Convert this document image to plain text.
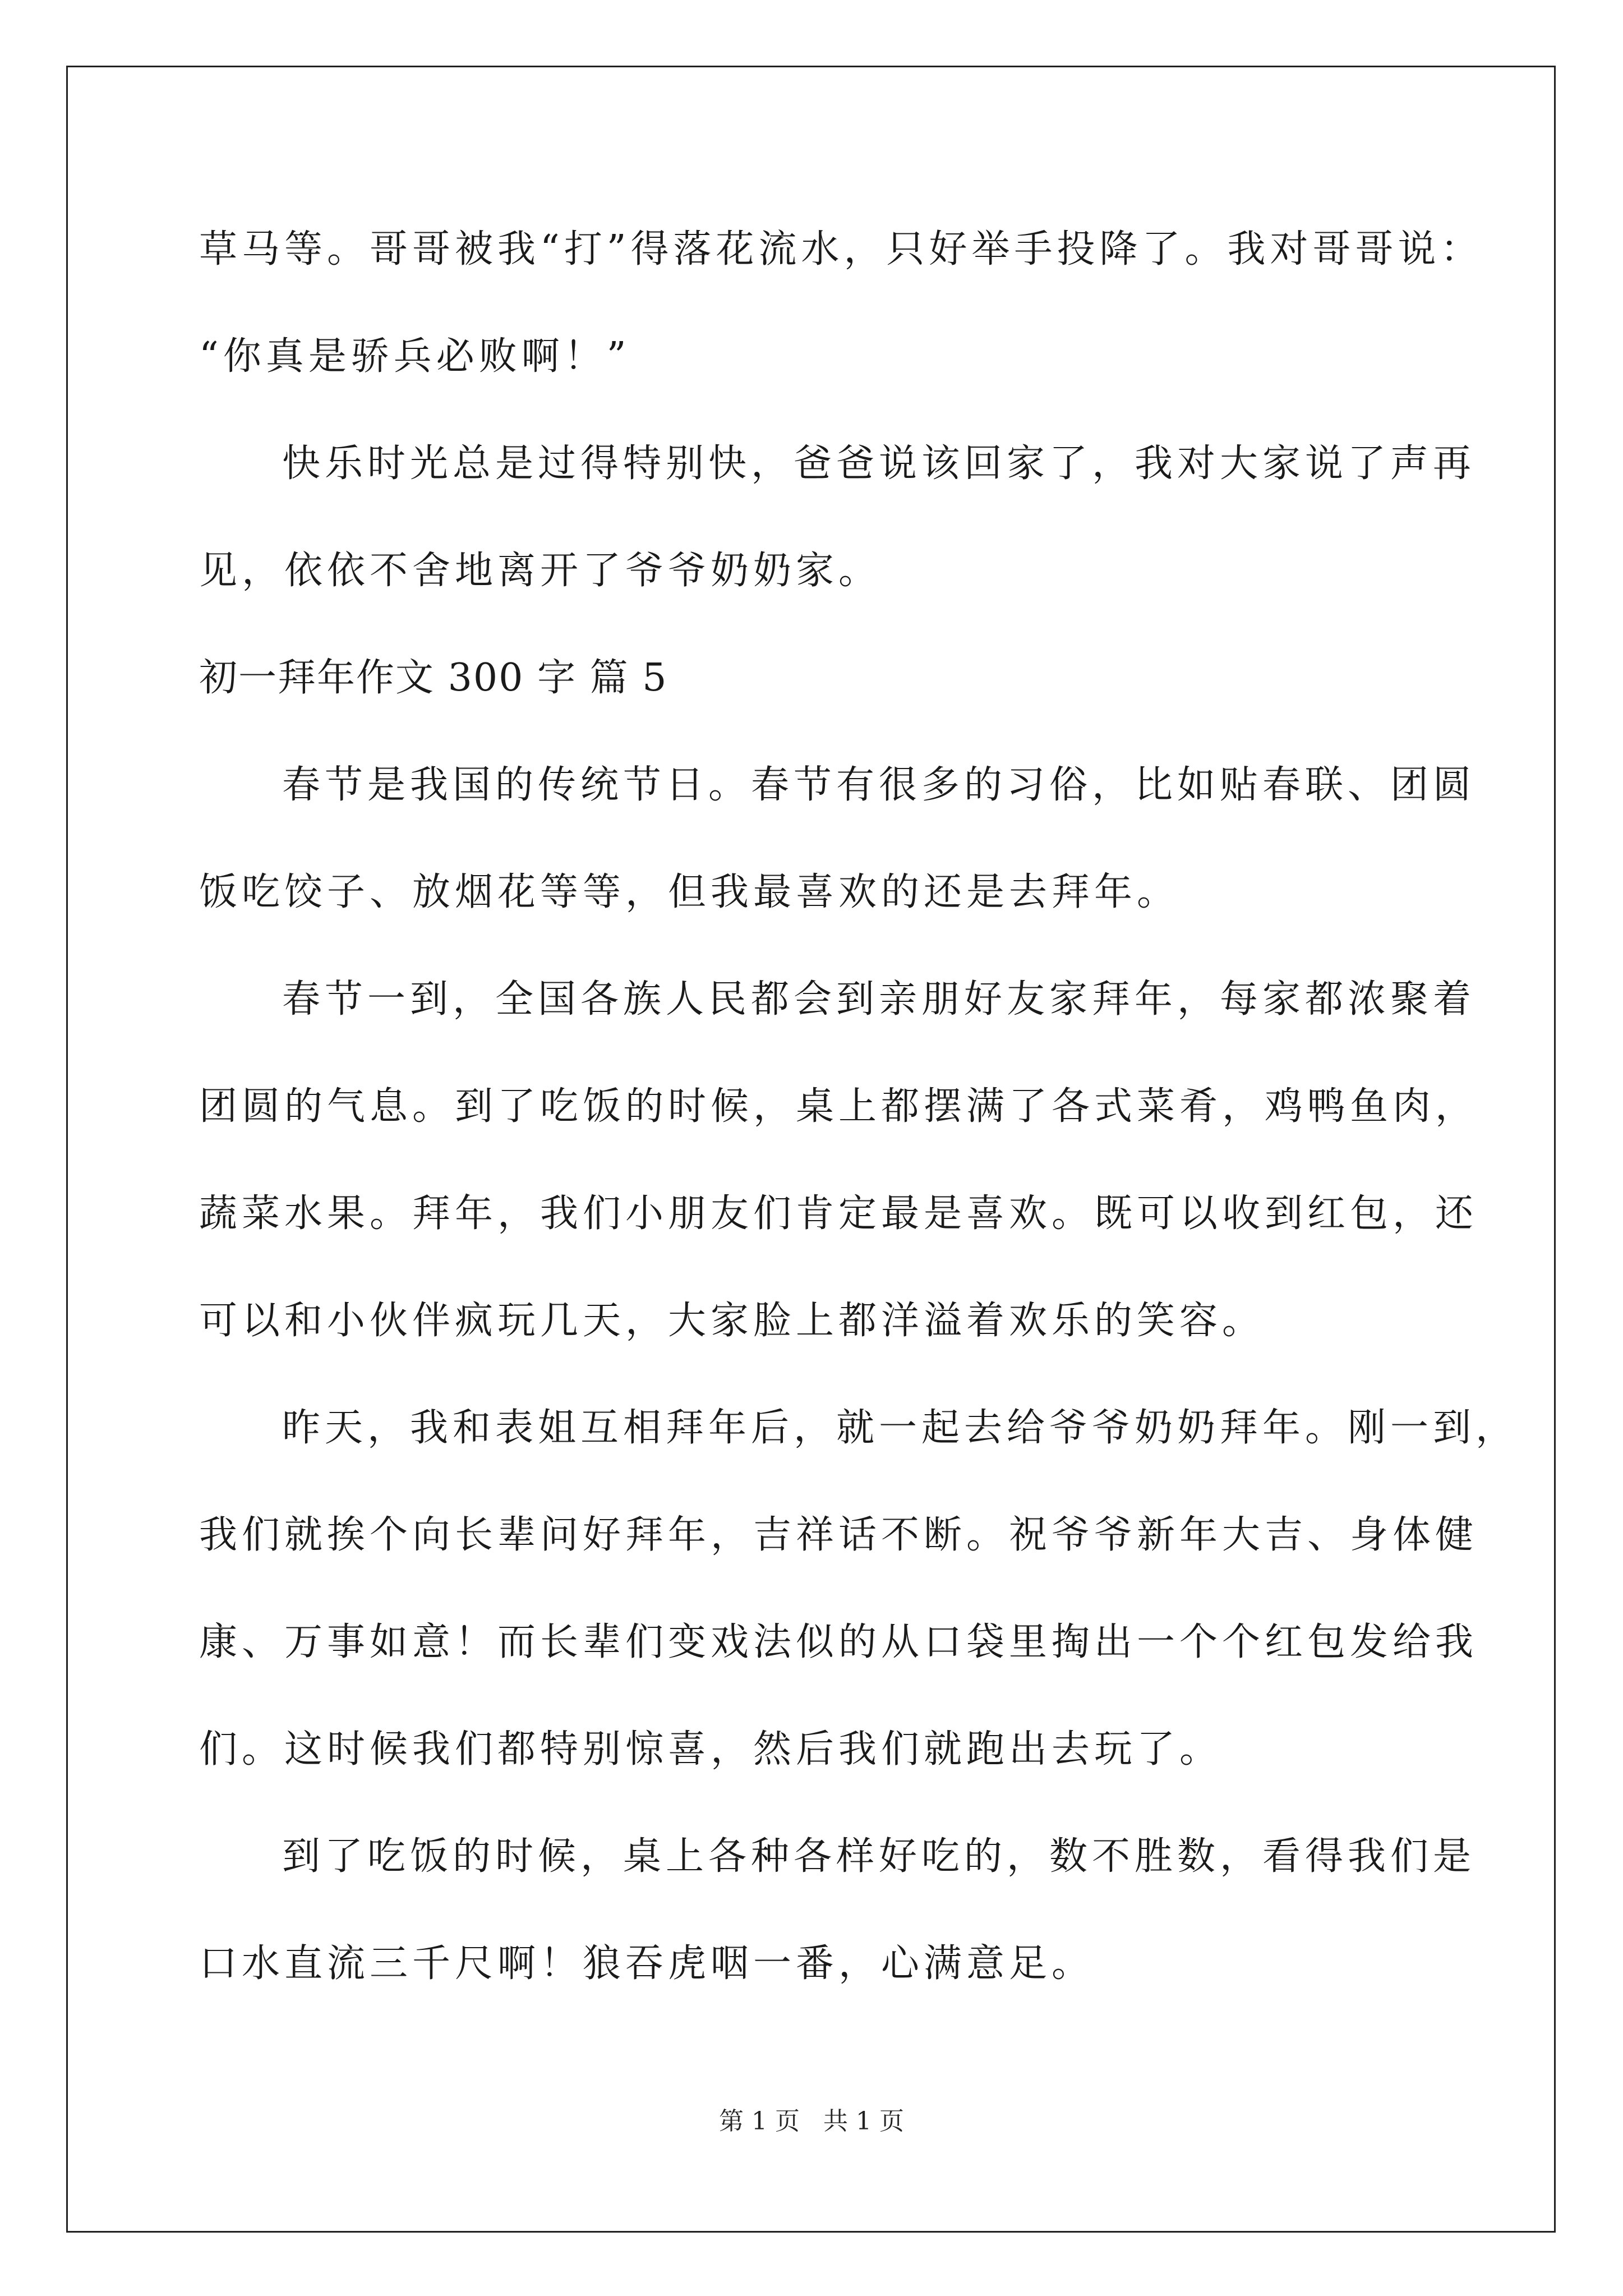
草马等。哥哥被我“打”得落花流水，只好举手投降了。我对哥哥说：
“你真是骄兵必败啊！”
快乐时光总是过得特别快，爸爸说该回家了，我对大家说了声再
见，依依不舍地离开了爷爷奶奶家。
初一拜年作文 300 字 篇 5
春节是我国的传统节日。春节有很多的习俗，比如贴春联、团圆
饭吃饺子、放烟花等等，但我最喜欢的还是去拜年。
春节一到，全国各族人民都会到亲朋好友家拜年，每家都浓聚着
团圆的气息。到了吃饭的时候，桌上都摆满了各式菜肴，鸡鸭鱼肉，
蔬菜水果。拜年，我们小朋友们肯定最是喜欢。既可以收到红包，还
可以和小伙伴疯玩几天，大家脸上都洋溢着欢乐的笑容。
昨天，我和表姐互相拜年后，就一起去给爷爷奶奶拜年。刚一到，
我们就挨个向长辈问好拜年，吉祥话不断。祝爷爷新年大吉、身体健
康、万事如意！而长辈们变戏法似的从口袋里掏出一个个红包发给我
们。这时候我们都特别惊喜，然后我们就跑出去玩了。
到了吃饭的时候，桌上各种各样好吃的，数不胜数，看得我们是
口水直流三千尺啊！狼吞虎咽一番，心满意足。
第 1 页 共 1 页
